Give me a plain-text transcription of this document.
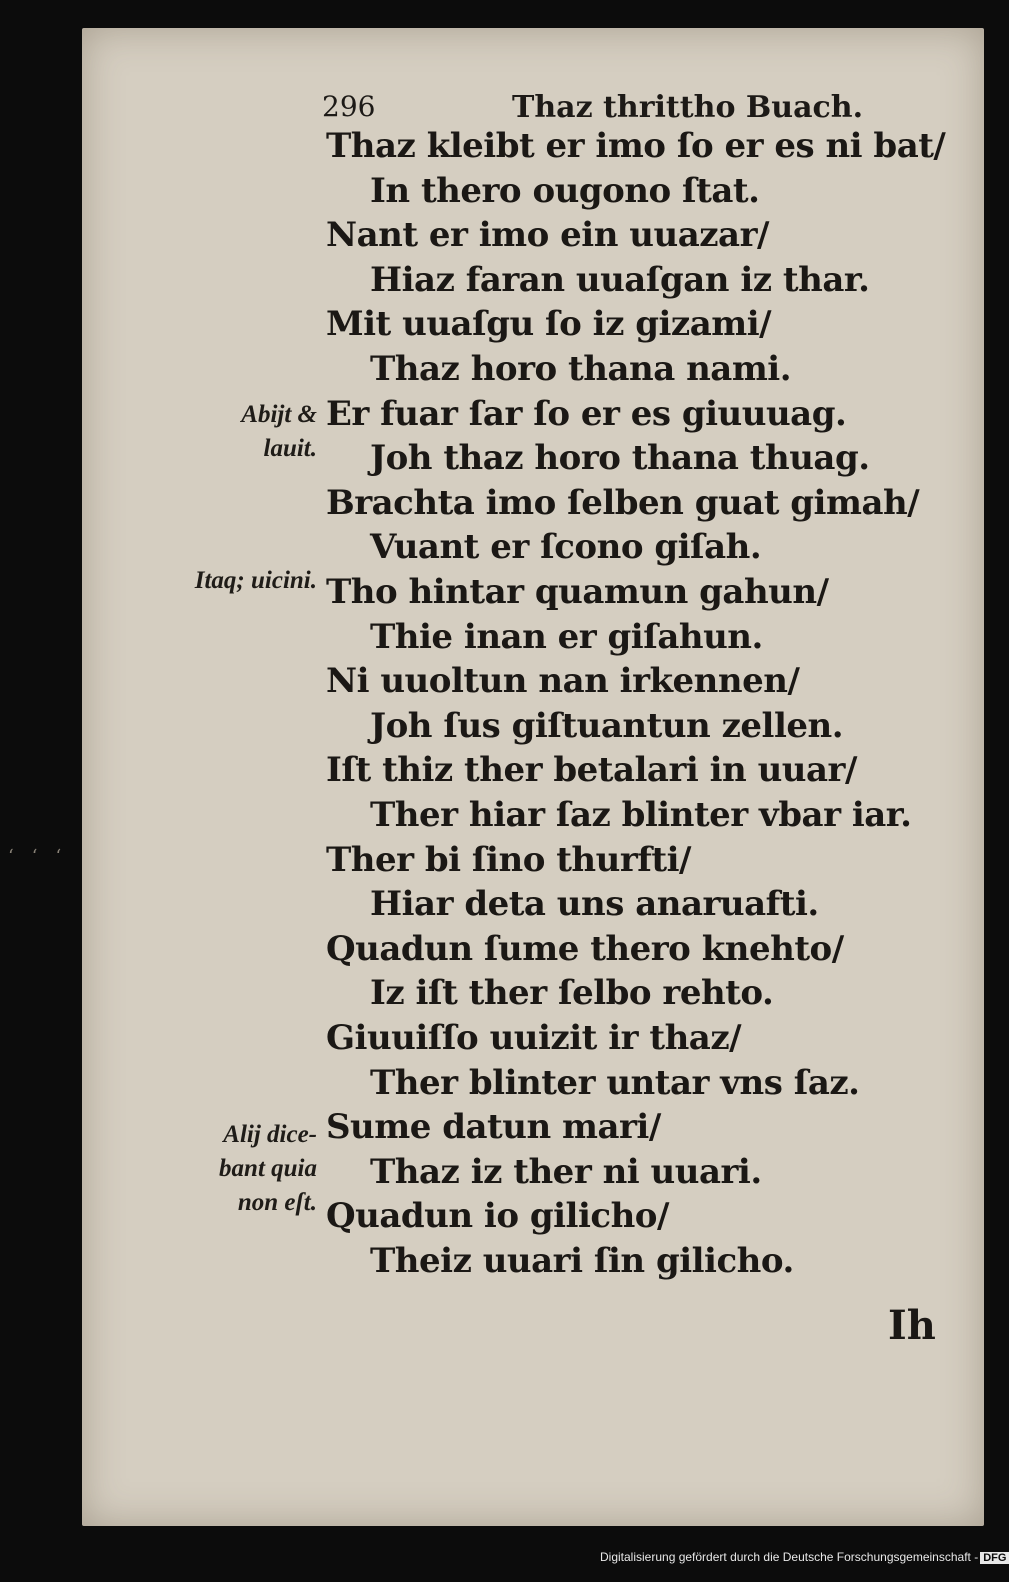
‘‘‘
296	Thaz thrittho Buach.
Thaz kleibt er imo ſo er es ni bat/
In thero ougono ſtat.
Nant er imo ein uuazar/
Hiaz faran uuaſgan iz thar.
Mit uuaſgu ſo iz gizami/
Thaz horo thana nami.
Er fuar ſar ſo er es giuuuag.
Joh thaz horo thana thuag.
Brachta imo ſelben guat gimah/
Vuant er ſcono giſah.
Tho hintar quamun gahun/
Thie inan er giſahun.
Ni uuoltun nan irkennen/
Joh ſus giſtuantun zellen.
Iſt thiz ther betalari in uuar/
Ther hiar ſaz blinter vbar iar.
Ther bi ſino thurfti/
Hiar deta uns anaruafti.
Quadun ſume thero knehto/
Iz iſt ther ſelbo rehto.
Giuuiſſo uuizit ir thaz/
Ther blinter untar vns ſaz.
Sume datun mari/
Thaz iz ther ni uuari.
Quadun io gilicho/
Theiz uuari ſin gilicho.
Abijt &
lauit.
Itaq; uicini.
Alij dice-
bant quia
non eſt.
Ih
Digitalisierung gefördert durch die Deutsche Forschungsgemeinschaft - DFG
